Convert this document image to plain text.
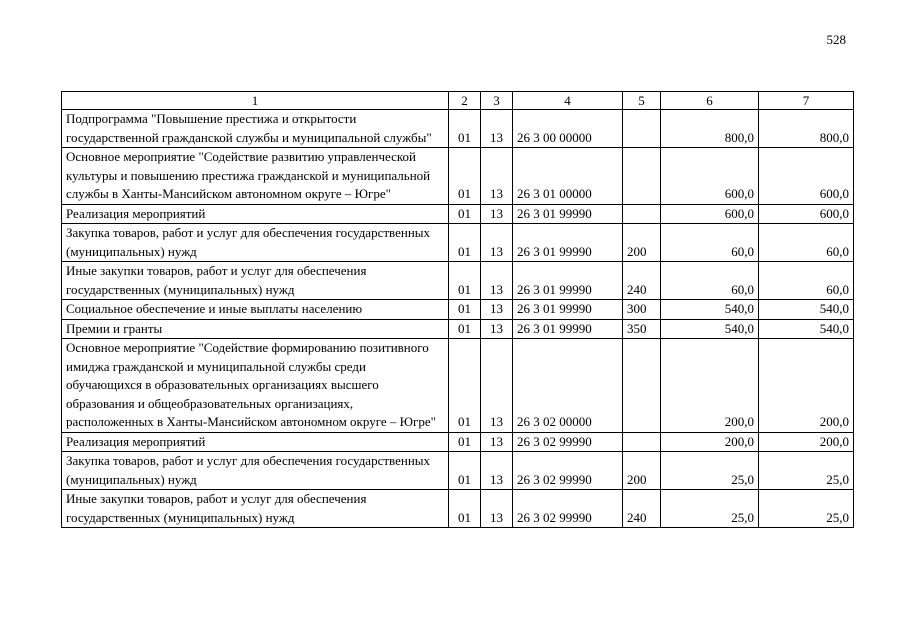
528
1	2	3	4	5	6	7
Подпрограмма "Повышение престижа и открытости государственной гражданской службы и муниципальной службы"	01	13	26 3 00 00000		800,0	800,0
Основное мероприятие "Содействие развитию управленческой культуры и повышению престижа гражданской и муниципальной службы в Ханты-Мансийском автономном округе – Югре"	01	13	26 3 01 00000		600,0	600,0
Реализация мероприятий	01	13	26 3 01 99990		600,0	600,0
Закупка товаров, работ и услуг для обеспечения государственных (муниципальных) нужд	01	13	26 3 01 99990	200	60,0	60,0
Иные закупки товаров, работ и услуг для обеспечения государственных (муниципальных) нужд	01	13	26 3 01 99990	240	60,0	60,0
Социальное обеспечение и иные выплаты населению	01	13	26 3 01 99990	300	540,0	540,0
Премии и гранты	01	13	26 3 01 99990	350	540,0	540,0
Основное мероприятие "Содействие формированию позитивного имиджа гражданской и муниципальной службы среди обучающихся в образовательных организациях высшего образования и общеобразовательных организациях, расположенных в Ханты-Мансийском автономном округе – Югре"	01	13	26 3 02 00000		200,0	200,0
Реализация мероприятий	01	13	26 3 02 99990		200,0	200,0
Закупка товаров, работ и услуг для обеспечения государственных (муниципальных) нужд	01	13	26 3 02 99990	200	25,0	25,0
Иные закупки товаров, работ и услуг для обеспечения государственных (муниципальных) нужд	01	13	26 3 02 99990	240	25,0	25,0
